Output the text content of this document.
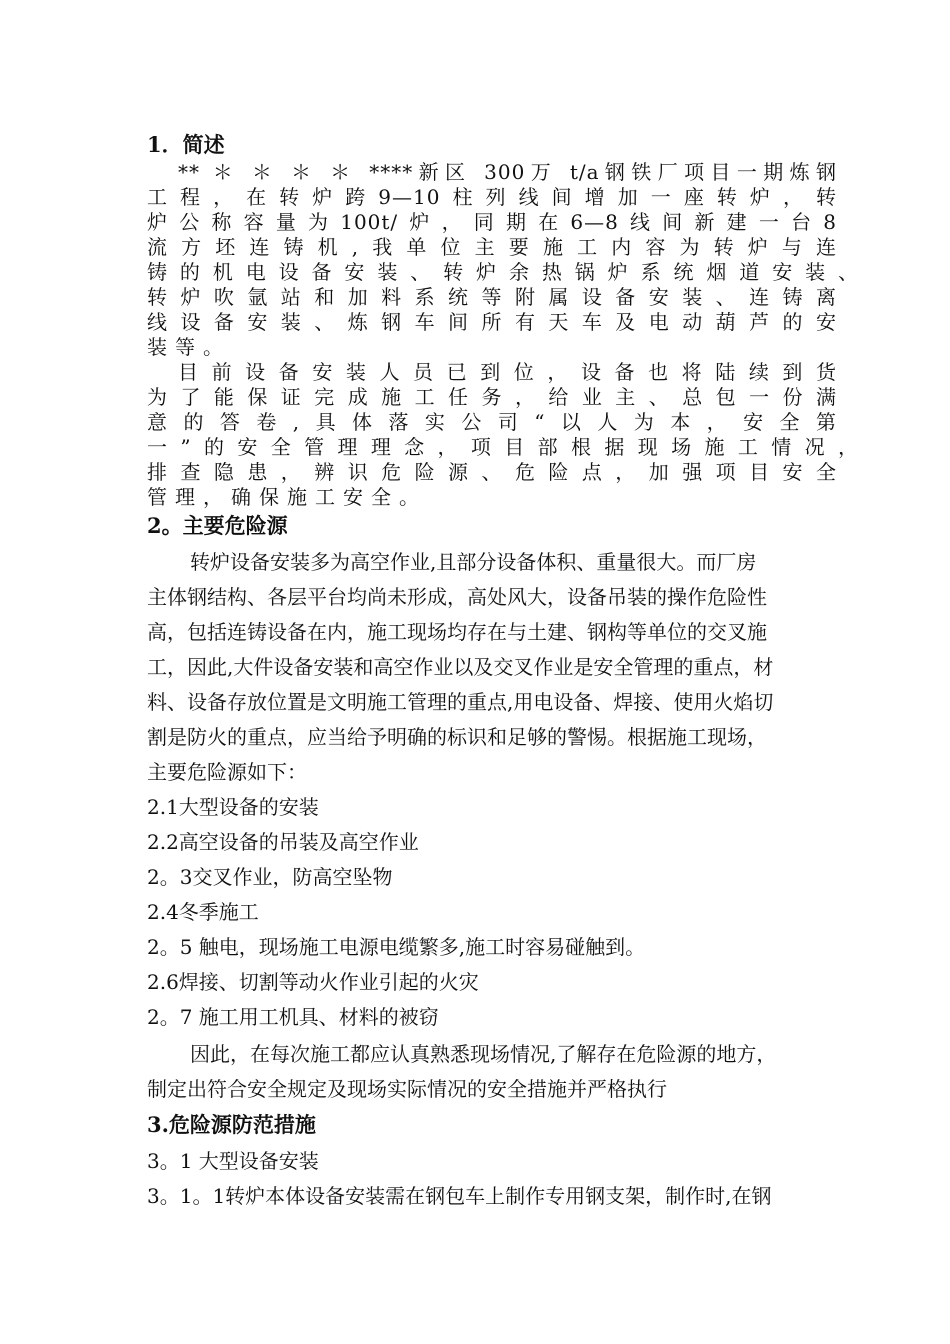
1．简述
** ＊ ＊ ＊ ＊ ****新区 300万 t/a钢铁厂项目一期炼钢
工程，在转炉跨9—10柱列线间增加一座转炉，转
炉公称容量为100t/炉，同期在6—8线间新建一台8
流方坯连铸机,我单位主要施工内容为转炉与连
铸的机电设备安装、转炉余热锅炉系统烟道安装、
转炉吹氩站和加料系统等附属设备安装、连铸离
线设备安装、炼钢车间所有天车及电动葫芦的安
装等。
目前设备安装人员已到位，设备也将陆续到货
为了能保证完成施工任务，给业主、总包一份满
意的答卷,具体落实公司“以人为本，安全第
一”的安全管理理念，项目部根据现场施工情况，
排查隐患，辨识危险源、危险点，加强项目安全
管理，确保施工安全。
2。主要危险源
转炉设备安装多为高空作业,且部分设备体积、重量很大。而厂房
主体钢结构、各层平台均尚未形成，高处风大，设备吊装的操作危险性
高，包括连铸设备在内，施工现场均存在与土建、钢构等单位的交叉施
工，因此,大件设备安装和高空作业以及交叉作业是安全管理的重点，材
料、设备存放位置是文明施工管理的重点,用电设备、焊接、使用火焰切
割是防火的重点，应当给予明确的标识和足够的警惕。根据施工现场，
主要危险源如下：
2.1大型设备的安装
2.2高空设备的吊装及高空作业
2。3交叉作业，防高空坠物
2.4冬季施工
2。5 触电，现场施工电源电缆繁多,施工时容易碰触到。
2.6焊接、切割等动火作业引起的火灾
2。7 施工用工机具、材料的被窃
因此，在每次施工都应认真熟悉现场情况,了解存在危险源的地方，
制定出符合安全规定及现场实际情况的安全措施并严格执行
3.危险源防范措施
3。1 大型设备安装
3。1。1转炉本体设备安装需在钢包车上制作专用钢支架，制作时,在钢
